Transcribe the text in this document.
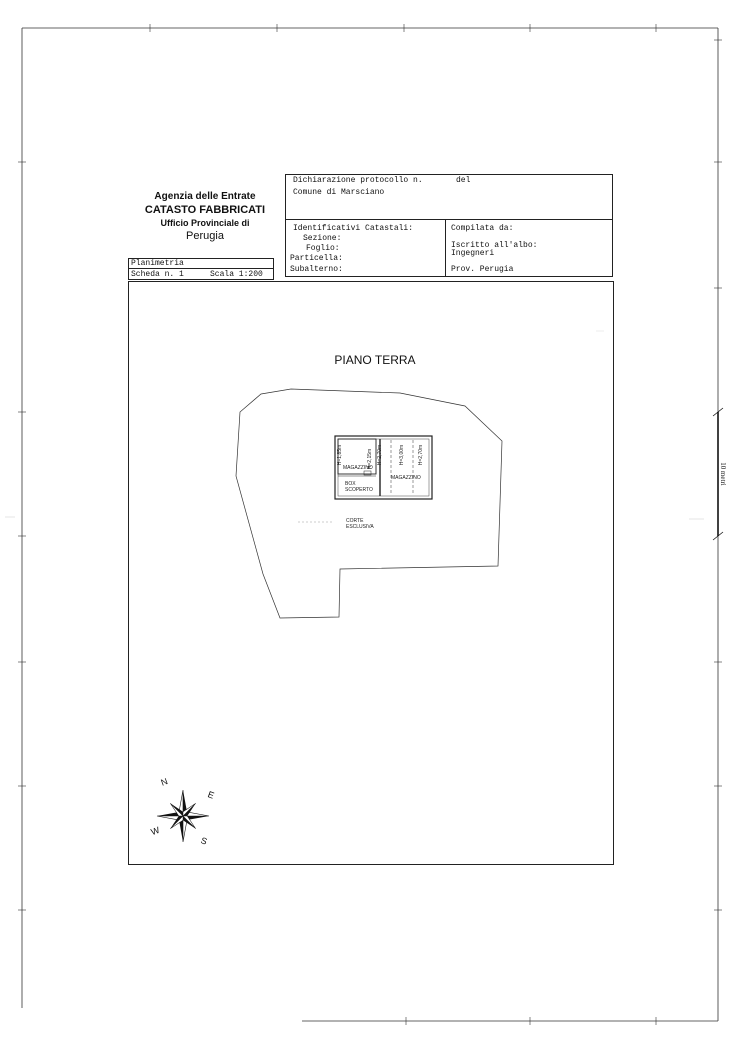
Agenzia delle Entrate
CATASTO FABBRICATI
Ufficio Provinciale di
Perugia
Dichiarazione protocollo n.	del
Comune di Marsciano
Identificativi Catastali:
Sezione:
Foglio:
Particella:
Subalterno:
Compilata da:
Iscritto all'albo:
Ingegneri
Prov. Perugia
Planimetria
Scheda n. 1	Scala 1:200
PIANO TERRA
MAGAZZINO
H=1,85m	H=2,15m
MAGAZZINO
H=2,70m	H=3,00m	H=2,70m
BOX
SCOPERTO
CORTE
ESCLUSIVA
N
E
S
W
10 metri
